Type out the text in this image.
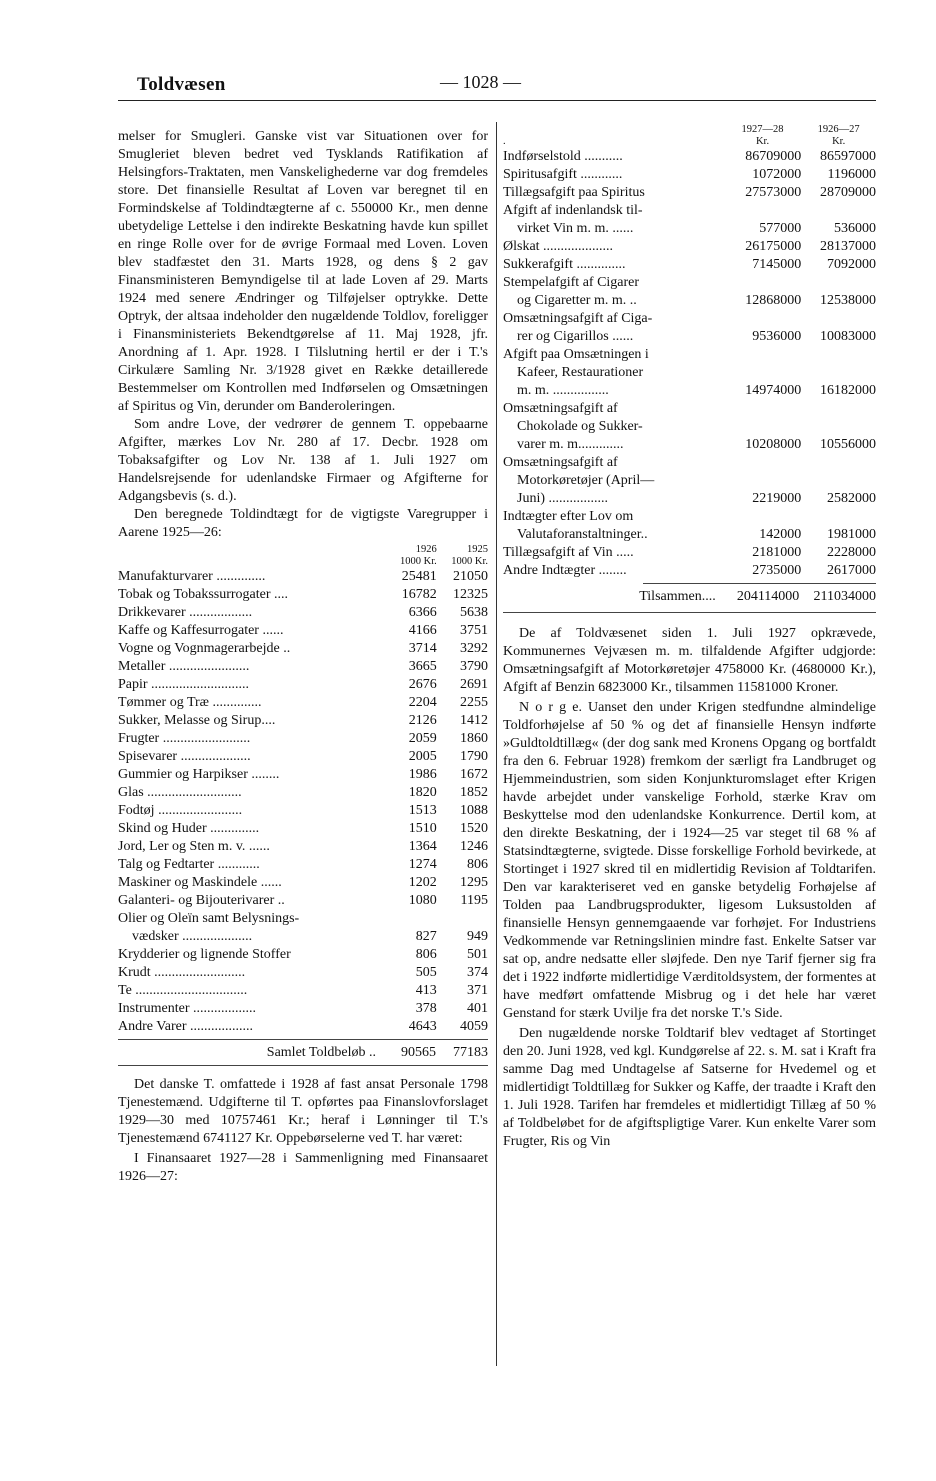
Toldvæsen	— 1028 —

melser for Smugleri. Ganske vist var Situationen over for Smugleriet bleven bedret ved Tysklands Ratifikation af Helsingfors-Traktaten, men Vanskelighederne var dog fremdeles store. Det finansielle Resultat af Loven var beregnet til en Formindskelse af Toldindtægterne af c. 550000 Kr., men denne ubetydelige Lettelse i den indirekte Beskatning havde kun spillet en ringe Rolle over for de øvrige Formaal med Loven. Loven blev stadfæstet den 31. Marts 1928, og dens § 2 gav Finansministeren Bemyndigelse til at lade Loven af 29. Marts 1924 med senere Ændringer og Tilføjelser optrykke. Dette Optryk, der altsaa indeholder den nugældende Toldlov, foreligger i Finansministeriets Bekendtgørelse af 11. Maj 1928, jfr. Anordning af 1. Apr. 1928. I Tilslutning hertil er der i T.'s Cirkulære Samling Nr. 3/1928 givet en Række detaillerede Bestemmelser om Kontrollen med Indførselen og Omsætningen af Spiritus og Vin, derunder om Banderoleringen.

Som andre Love, der vedrører de gennem T. oppebaarne Afgifter, mærkes Lov Nr. 280 af 17. Decbr. 1928 om Tobaksafgifter og Lov Nr. 138 af 1. Juli 1927 om Handelsrejsende for udenlandske Firmaer og Afgifterne for Adgangsbevis (s. d.).

Den beregnede Toldindtægt for de vigtigste Varegrupper i Aarene 1925—26:

	1926
1000 Kr.	1925
1000 Kr.
Manufakturvarer ..............	25481	21050
Tobak og Tobakssurrogater ....	16782	12325
Drikkevarer ..................	6366	5638
Kaffe og Kaffesurrogater ......	4166	3751
Vogne og Vognmagerarbejde ..	3714	3292
Metaller .......................	3665	3790
Papir ............................	2676	2691
Tømmer og Træ ..............	2204	2255
Sukker, Melasse og Sirup....	2126	1412
Frugter .........................	2059	1860
Spisevarer ....................	2005	1790
Gummier og Harpikser ........	1986	1672
Glas ...........................	1820	1852
Fodtøj ........................	1513	1088
Skind og Huder ..............	1510	1520
Jord, Ler og Sten m. v. ......	1364	1246
Talg og Fedtarter ............	1274	806
Maskiner og Maskindele ......	1202	1295
Galanteri- og Bijouterivarer ..	1080	1195
Olier og Oleïn samt Belysnings-		
vædsker ....................	827	949
Krydderier og lignende Stoffer	806	501
Krudt ..........................	505	374
Te ................................	413	371
Instrumenter ..................	378	401
Andre Varer ..................	4643	4059
Samlet Toldbeløb ..	90565	77183

Det danske T. omfattede i 1928 af fast ansat Personale 1798 Tjenestemænd. Udgifterne til T. opførtes paa Finanslovforslaget 1929—30 med 10757461 Kr.; heraf i Lønninger til T.'s Tjenestemænd 6741127 Kr. Oppebørselerne ved T. har været:

I Finansaaret 1927—28 i Sammenligning med Finansaaret 1926—27:

.	1927—28
Kr.	1926—27
Kr.
Indførselstold ...........	86709000	86597000
Spiritusafgift ............	1072000	1196000
Tillægsafgift paa Spiritus	27573000	28709000
Afgift af indenlandsk til-		
virket Vin m. m. ......	577000	536000
Ølskat ....................	26175000	28137000
Sukkerafgift ..............	7145000	7092000
Stempelafgift af Cigarer		
og Cigaretter m. m. ..	12868000	12538000
Omsætningsafgift af Ciga-		
rer og Cigarillos ......	9536000	10083000
Afgift paa Omsætningen i		
Kafeer, Restaurationer		
m. m. ................	14974000	16182000
Omsætningsafgift af		
Chokolade og Sukker-		
varer m. m.............	10208000	10556000
Omsætningsafgift af		
Motorkøretøjer (April—		
Juni) .................	2219000	2582000
Indtægter efter Lov om		
Valutaforanstaltninger..	142000	1981000
Tillægsafgift af Vin .....	2181000	2228000
Andre Indtægter ........	2735000	2617000
Tilsammen....	204114000	211034000

De af Toldvæsenet siden 1. Juli 1927 opkrævede, Kommunernes Vejvæsen m. m. tilfaldende Afgifter udgjorde: Omsætningsafgift af Motorkøretøjer 4758000 Kr. (4680000 Kr.), Afgift af Benzin 6823000 Kr., tilsammen 11581000 Kroner.

N o r g e. Uanset den under Krigen stedfundne almindelige Toldforhøjelse af 50 % og det af finansielle Hensyn indførte »Guldtoldtillæg« (der dog sank med Kronens Opgang og bortfaldt fra den 6. Februar 1928) fremkom der særligt fra Landbruget og Hjemmeindustrien, som siden Konjunkturomslaget efter Krigen havde arbejdet under vanskelige Forhold, stærke Krav om Beskyttelse mod den udenlandske Konkurrence. Dertil kom, at den direkte Beskatning, der i 1924—25 var steget til 68 % af Statsindtægterne, svigtede. Disse forskellige Forhold bevirkede, at Stortinget i 1927 skred til en midlertidig Revision af Toldtarifen. Den var karakteriseret ved en ganske betydelig Forhøjelse af Tolden paa Landbrugsprodukter, ligesom Luksustolden af finansielle Hensyn gennemgaaende var forhøjet. For Industriens Vedkommende var Retningslinien mindre fast. Enkelte Satser var sat op, andre nedsatte eller sløjfede. Den nye Tarif fjerner sig fra det i 1922 indførte midlertidige Værditoldsystem, der formentes at have medført omfattende Misbrug og i det hele har været Genstand for stærk Uvilje fra det norske T.'s Side.

Den nugældende norske Toldtarif blev vedtaget af Stortinget den 20. Juni 1928, ved kgl. Kundgørelse af 22. s. M. sat i Kraft fra samme Dag med Undtagelse af Satserne for Hvedemel og et midlertidigt Toldtillæg for Sukker og Kaffe, der traadte i Kraft den 1. Juli 1928. Tarifen har fremdeles et midlertidigt Tillæg af 50 % af Toldbeløbet for de afgiftspligtige Varer. Kun enkelte Varer som Frugter, Ris og Vin
